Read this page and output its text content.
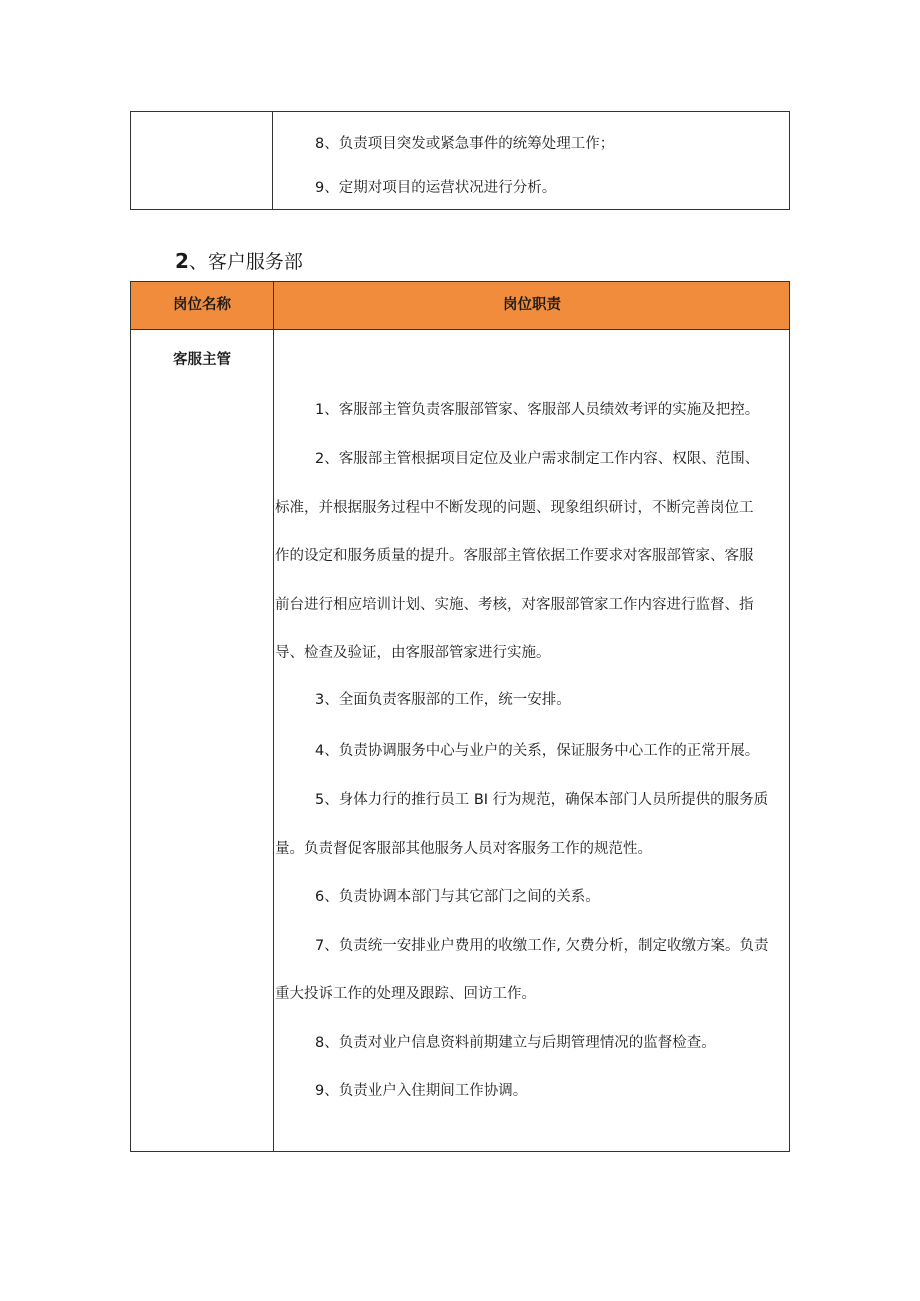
8、负责项目突发或紧急事件的统筹处理工作；
9、定期对项目的运营状况进行分析。
2、客户服务部
岗位名称	岗位职责
客服主管
1、客服部主管负责客服部管家、客服部人员绩效考评的实施及把控。
2、客服部主管根据项目定位及业户需求制定工作内容、权限、范围、
标准，并根据服务过程中不断发现的问题、现象组织研讨，不断完善岗位工
作的设定和服务质量的提升。客服部主管依据工作要求对客服部管家、客服
前台进行相应培训计划、实施、考核，对客服部管家工作内容进行监督、指
导、检查及验证，由客服部管家进行实施。
3、全面负责客服部的工作，统一安排。
4、负责协调服务中心与业户的关系，保证服务中心工作的正常开展。
5、身体力行的推行员工 BI 行为规范，确保本部门人员所提供的服务质
量。负责督促客服部其他服务人员对客服务工作的规范性。
6、负责协调本部门与其它部门之间的关系。
7、负责统一安排业户费用的收缴工作, 欠费分析，制定收缴方案。负责
重大投诉工作的处理及跟踪、回访工作。
8、负责对业户信息资料前期建立与后期管理情况的监督检查。
9、负责业户入住期间工作协调。
